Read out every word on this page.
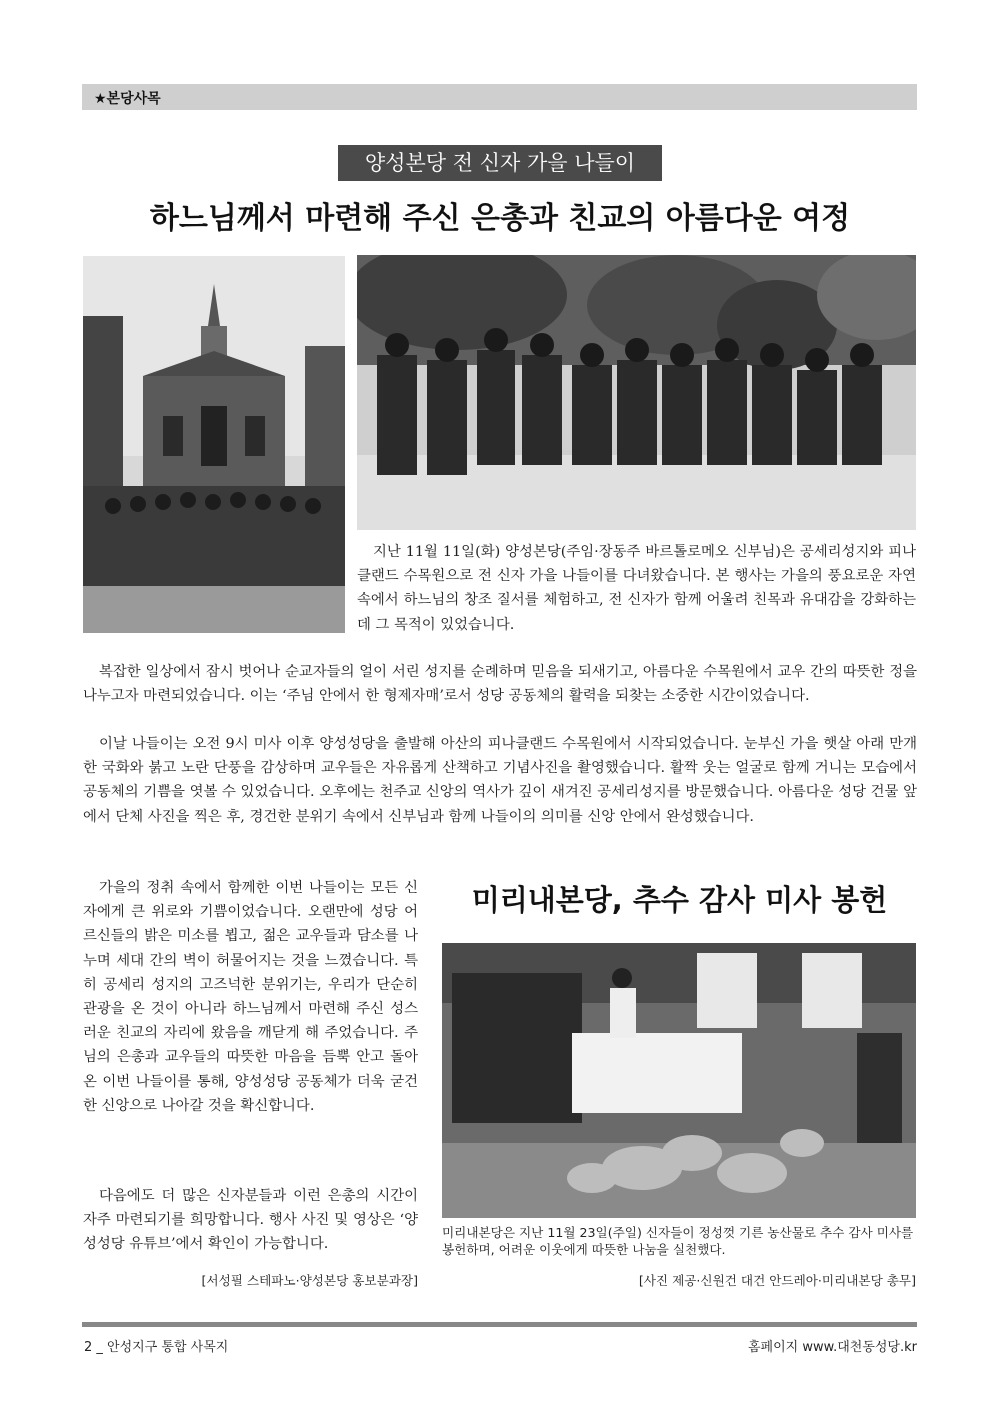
★본당사목
양성본당 전 신자 가을 나들이
하느님께서 마련해 주신 은총과 친교의 아름다운 여정

지난 11월 11일(화) 양성본당(주임·장동주 바르톨로메오 신부님)은 공세리성지와 피나클랜드 수목원으로 전 신자 가을 나들이를 다녀왔습니다. 본 행사는 가을의 풍요로운 자연 속에서 하느님의 창조 질서를 체험하고, 전 신자가 함께 어울려 친목과 유대감을 강화하는 데 그 목적이 있었습니다.

복잡한 일상에서 잠시 벗어나 순교자들의 얼이 서린 성지를 순례하며 믿음을 되새기고, 아름다운 수목원에서 교우 간의 따뜻한 정을 나누고자 마련되었습니다. 이는 ‘주님 안에서 한 형제자매’로서 성당 공동체의 활력을 되찾는 소중한 시간이었습니다.

이날 나들이는 오전 9시 미사 이후 양성성당을 출발해 아산의 피나클랜드 수목원에서 시작되었습니다. 눈부신 가을 햇살 아래 만개한 국화와 붉고 노란 단풍을 감상하며 교우들은 자유롭게 산책하고 기념사진을 촬영했습니다. 활짝 웃는 얼굴로 함께 거니는 모습에서 공동체의 기쁨을 엿볼 수 있었습니다. 오후에는 천주교 신앙의 역사가 깊이 새겨진 공세리성지를 방문했습니다. 아름다운 성당 건물 앞에서 단체 사진을 찍은 후, 경건한 분위기 속에서 신부님과 함께 나들이의 의미를 신앙 안에서 완성했습니다.

가을의 정취 속에서 함께한 이번 나들이는 모든 신자에게 큰 위로와 기쁨이었습니다. 오랜만에 성당 어르신들의 밝은 미소를 뵙고, 젊은 교우들과 담소를 나누며 세대 간의 벽이 허물어지는 것을 느꼈습니다. 특히 공세리 성지의 고즈넉한 분위기는, 우리가 단순히 관광을 온 것이 아니라 하느님께서 마련해 주신 성스러운 친교의 자리에 왔음을 깨닫게 해 주었습니다. 주님의 은총과 교우들의 따뜻한 마음을 듬뿍 안고 돌아온 이번 나들이를 통해, 양성성당 공동체가 더욱 굳건한 신앙으로 나아갈 것을 확신합니다.

다음에도 더 많은 신자분들과 이런 은총의 시간이 자주 마련되기를 희망합니다. 행사 사진 및 영상은 ‘양성성당 유튜브’에서 확인이 가능합니다.

[서성필 스테파노·양성본당 홍보분과장]
미리내본당, 추수 감사 미사 봉헌

미리내본당은 지난 11월 23일(주일) 신자들이 정성껏 기른 농산물로 추수 감사 미사를 봉헌하며, 어려운 이웃에게 따뜻한 나눔을 실천했다.

[사진 제공·신원건 대건 안드레아·미리내본당 총무]
2 _ 안성지구 통합 사목지	홈페이지 www.대천동성당.kr
